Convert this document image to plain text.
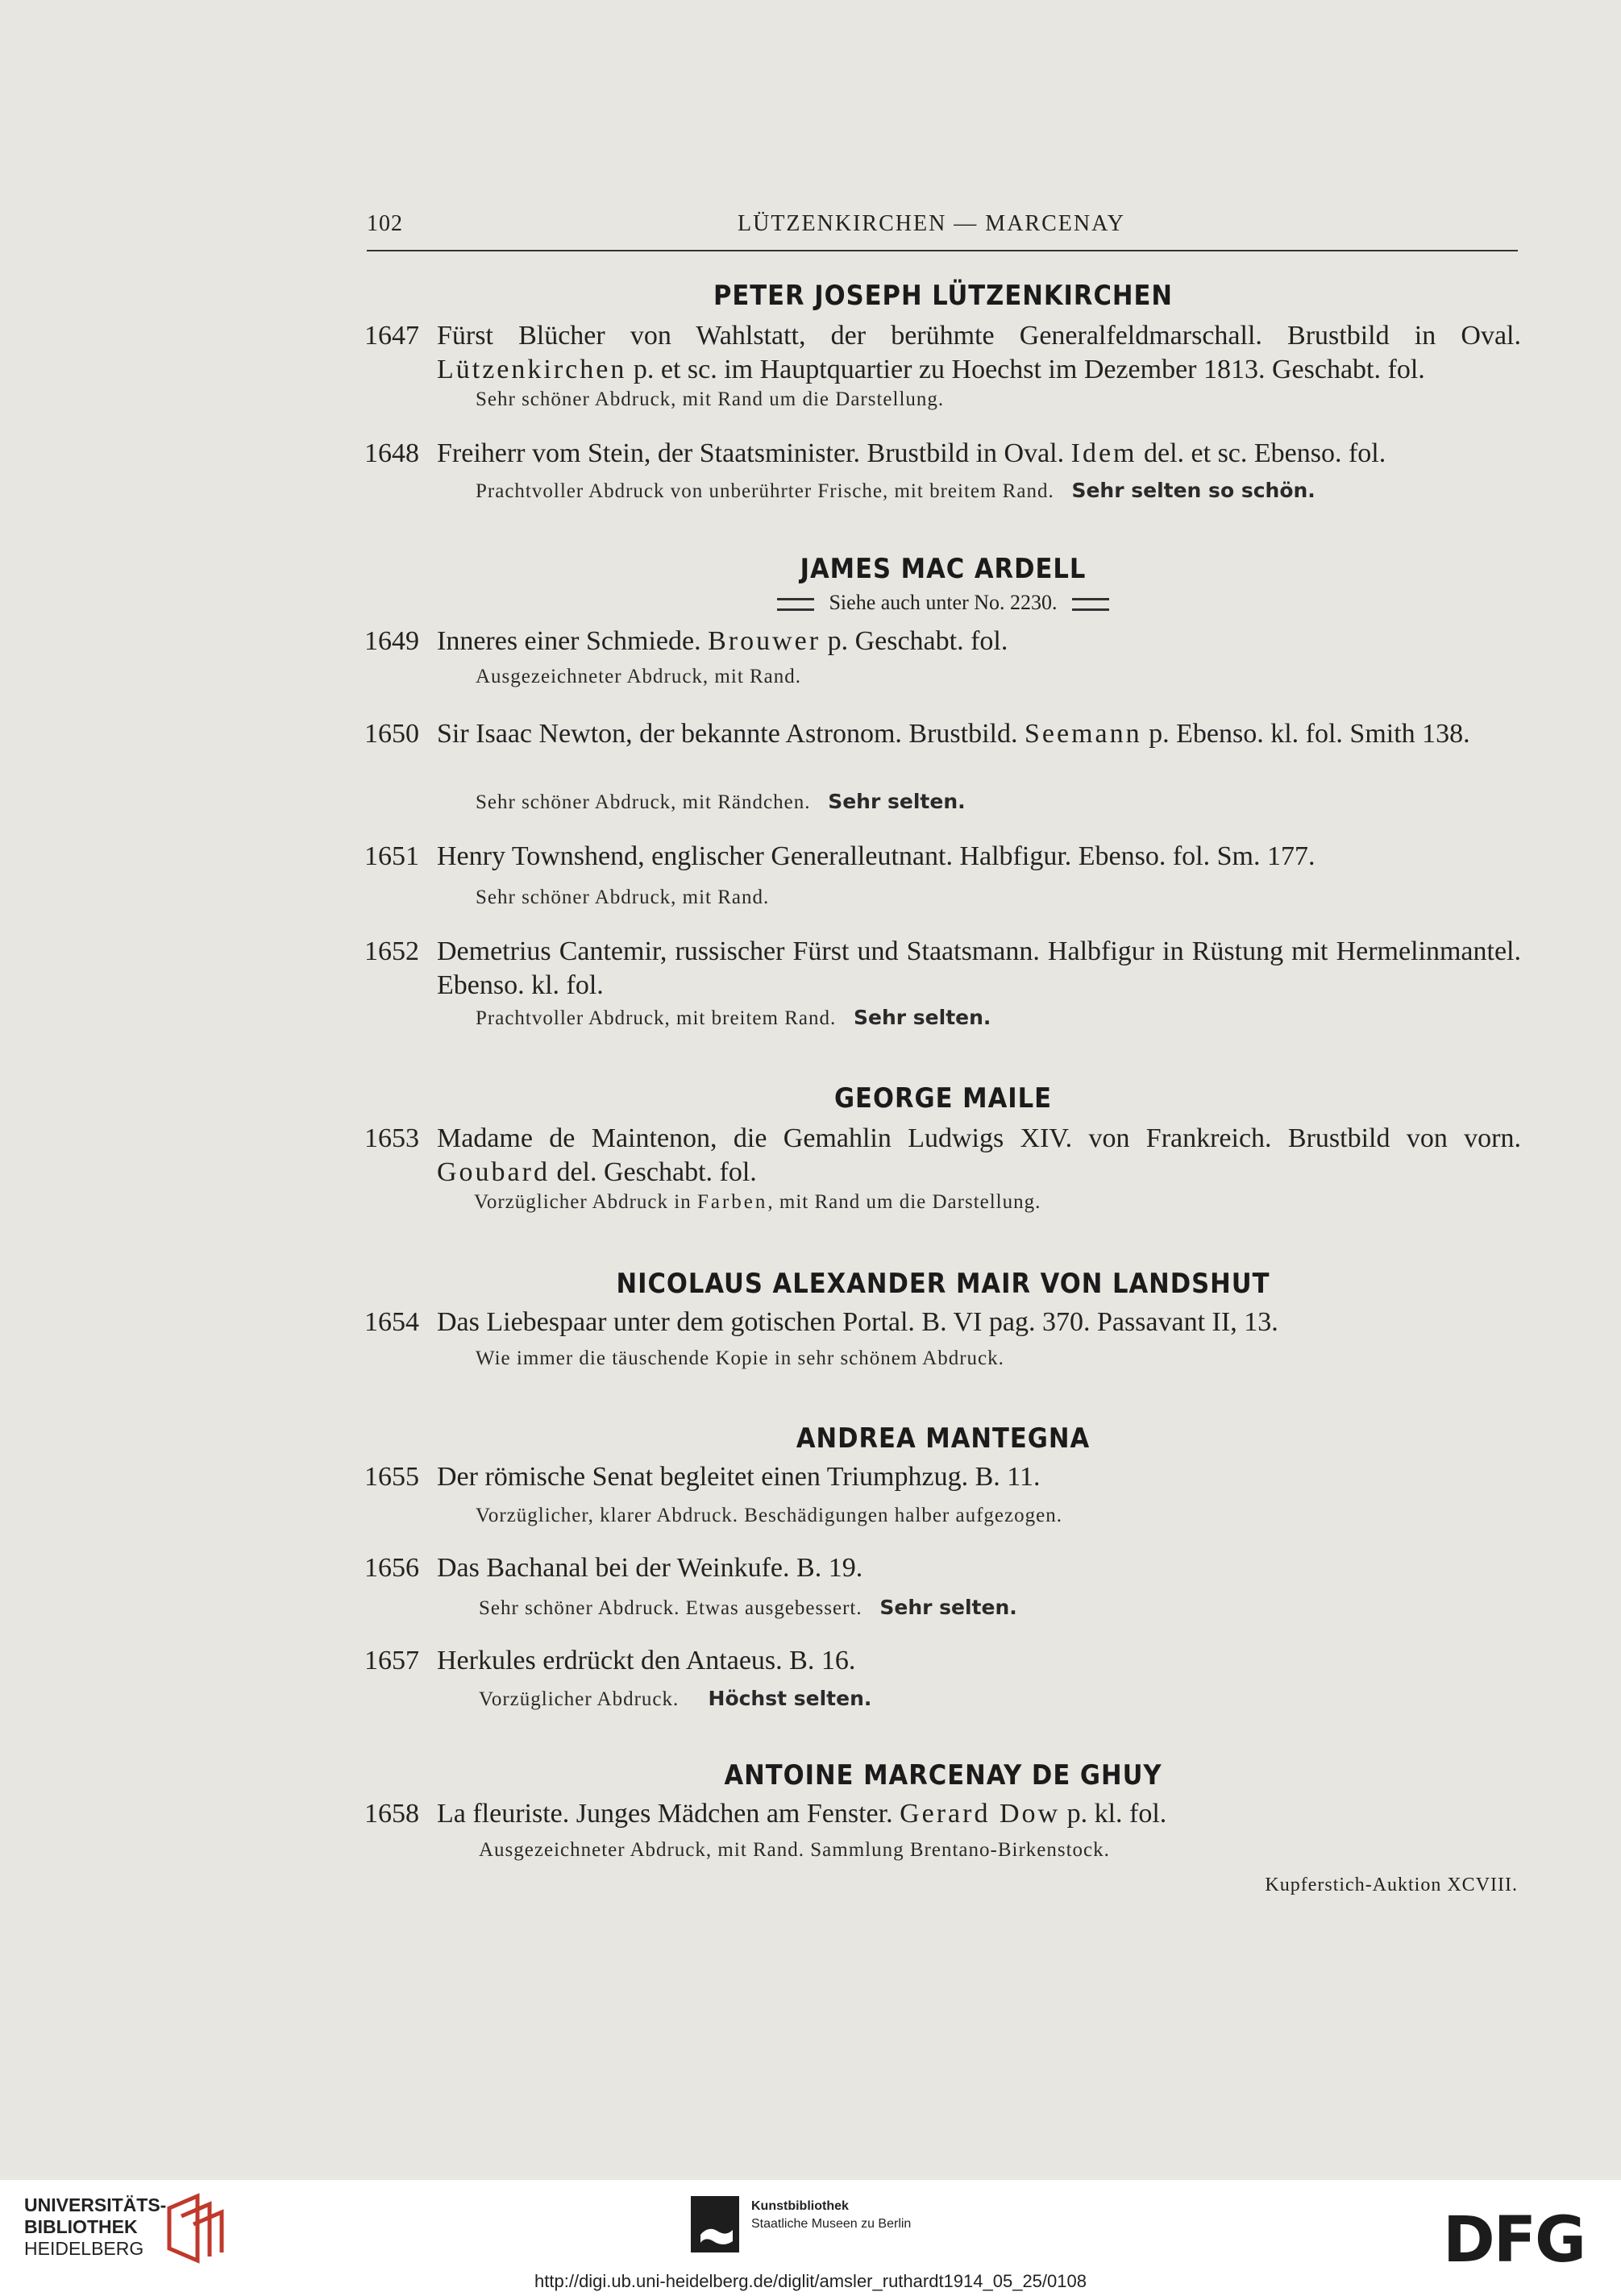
102	LÜTZENKIRCHEN — MARCENAY
PETER JOSEPH LÜTZENKIRCHEN
1647 Fürst Blücher von Wahlstatt, der berühmte Generalfeldmarschall. Brustbild in Oval. Lützenkirchen p. et sc. im Hauptquartier zu Hoechst im Dezember 1813. Geschabt. fol.
Sehr schöner Abdruck, mit Rand um die Darstellung.
1648 Freiherr vom Stein, der Staatsminister. Brustbild in Oval. Idem del. et sc. Ebenso. fol.
Prachtvoller Abdruck von unberührter Frische, mit breitem Rand. Sehr selten so schön.
JAMES MAC ARDELL
Siehe auch unter No. 2230.
1649 Inneres einer Schmiede. Brouwer p. Geschabt. fol.
Ausgezeichneter Abdruck, mit Rand.
1650 Sir Isaac Newton, der bekannte Astronom. Brustbild. Seemann p. Ebenso. kl. fol. Smith 138.
Sehr schöner Abdruck, mit Rändchen. Sehr selten.
1651 Henry Townshend, englischer Generalleutnant. Halbfigur. Ebenso. fol. Sm. 177.
Sehr schöner Abdruck, mit Rand.
1652 Demetrius Cantemir, russischer Fürst und Staatsmann. Halbfigur in Rüstung mit Hermelinmantel. Ebenso. kl. fol.
Prachtvoller Abdruck, mit breitem Rand. Sehr selten.
GEORGE MAILE
1653 Madame de Maintenon, die Gemahlin Ludwigs XIV. von Frankreich. Brustbild von vorn. Goubard del. Geschabt. fol.
Vorzüglicher Abdruck in Farben, mit Rand um die Darstellung.
NICOLAUS ALEXANDER MAIR VON LANDSHUT
1654 Das Liebespaar unter dem gotischen Portal. B. VI pag. 370. Passavant II, 13.
Wie immer die täuschende Kopie in sehr schönem Abdruck.
ANDREA MANTEGNA
1655 Der römische Senat begleitet einen Triumphzug. B. 11.
Vorzüglicher, klarer Abdruck. Beschädigungen halber aufgezogen.
1656 Das Bachanal bei der Weinkufe. B. 19.
Sehr schöner Abdruck. Etwas ausgebessert. Sehr selten.
1657 Herkules erdrückt den Antaeus. B. 16.
Vorzüglicher Abdruck. Höchst selten.
ANTOINE MARCENAY DE GHUY
1658 La fleuriste. Junges Mädchen am Fenster. Gerard Dow p. kl. fol.
Ausgezeichneter Abdruck, mit Rand. Sammlung Brentano-Birkenstock.
Kupferstich-Auktion XCVIII.
UNIVERSITÄTS-
BIBLIOTHEK
HEIDELBERG
Kunstbibliothek
Staatliche Museen zu Berlin	DFG
http://digi.ub.uni-heidelberg.de/diglit/amsler_ruthardt1914_05_25/0108
